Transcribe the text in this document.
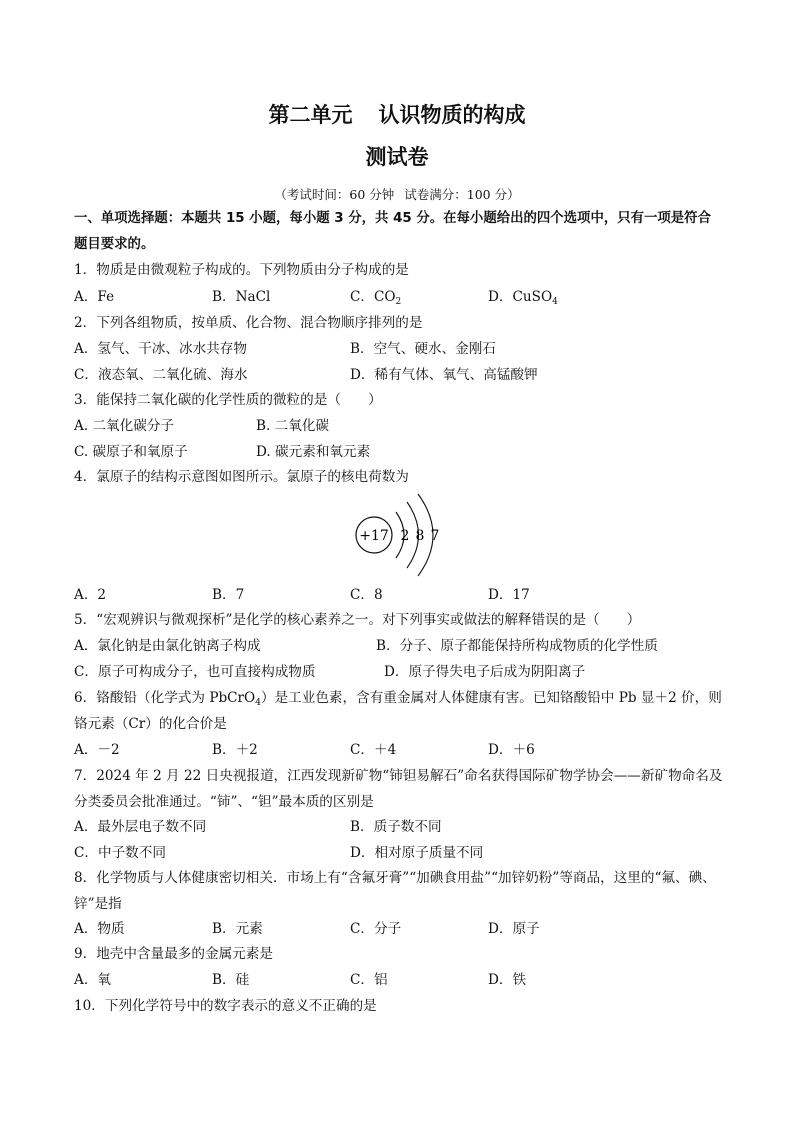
第二单元 认识物质的构成
测试卷
（考试时间：60 分钟 试卷满分：100 分）
一、单项选择题：本题共 15 小题，每小题 3 分，共 45 分。在每小题给出的四个选项中，只有一项是符合
题目要求的。
1．物质是由微观粒子构成的。下列物质由分子构成的是
A．Fe	B．NaCl	C．$CO_2$	D．CuSO$_4$
2．下列各组物质，按单质、化合物、混合物顺序排列的是
A．氢气、干冰、冰水共存物	B．空气、硬水、金刚石
C．液态氧、二氧化硫、海水	D．稀有气体、氧气、高锰酸钾
3．能保持二氧化碳的化学性质的微粒的是（　　）
A. 二氧化碳分子	B. 二氧化碳
C. 碳原子和氧原子	D. 碳元素和氧元素
4．氯原子的结构示意图如图所示。氯原子的核电荷数为
+17 2 8 7
A．2	B．7	C．8	D．17
5．“宏观辨识与微观探析”是化学的核心素养之一。对下列事实或做法的解释错误的是（　　）
A．氯化钠是由氯化钠离子构成	B．分子、原子都能保持所构成物质的化学性质
C．原子可构成分子，也可直接构成物质	D．原子得失电子后成为阴阳离子
6．铬酸铅（化学式为 PbCrO$_4$）是工业色素，含有重金属对人体健康有害。已知铬酸铅中 Pb 显＋2 价，则
铬元素（Cr）的化合价是
A．－2	B．＋2	C．＋4	D．＋6
7．2024 年 2 月 22 日央视报道，江西发现新矿物“铈钽易解石”命名获得国际矿物学协会——新矿物命名及
分类委员会批准通过。“铈”、“钽”最本质的区别是
A．最外层电子数不同	B．质子数不同
C．中子数不同	D．相对原子质量不同
8．化学物质与人体健康密切相关．市场上有“含氟牙膏”“加碘食用盐”“加锌奶粉”等商品，这里的“氟、碘、
锌”是指
A．物质	B．元素	C．分子	D．原子
9．地壳中含量最多的金属元素是
A．氧	B．硅	C．铝	D．铁
10．下列化学符号中的数字表示的意义不正确的是
